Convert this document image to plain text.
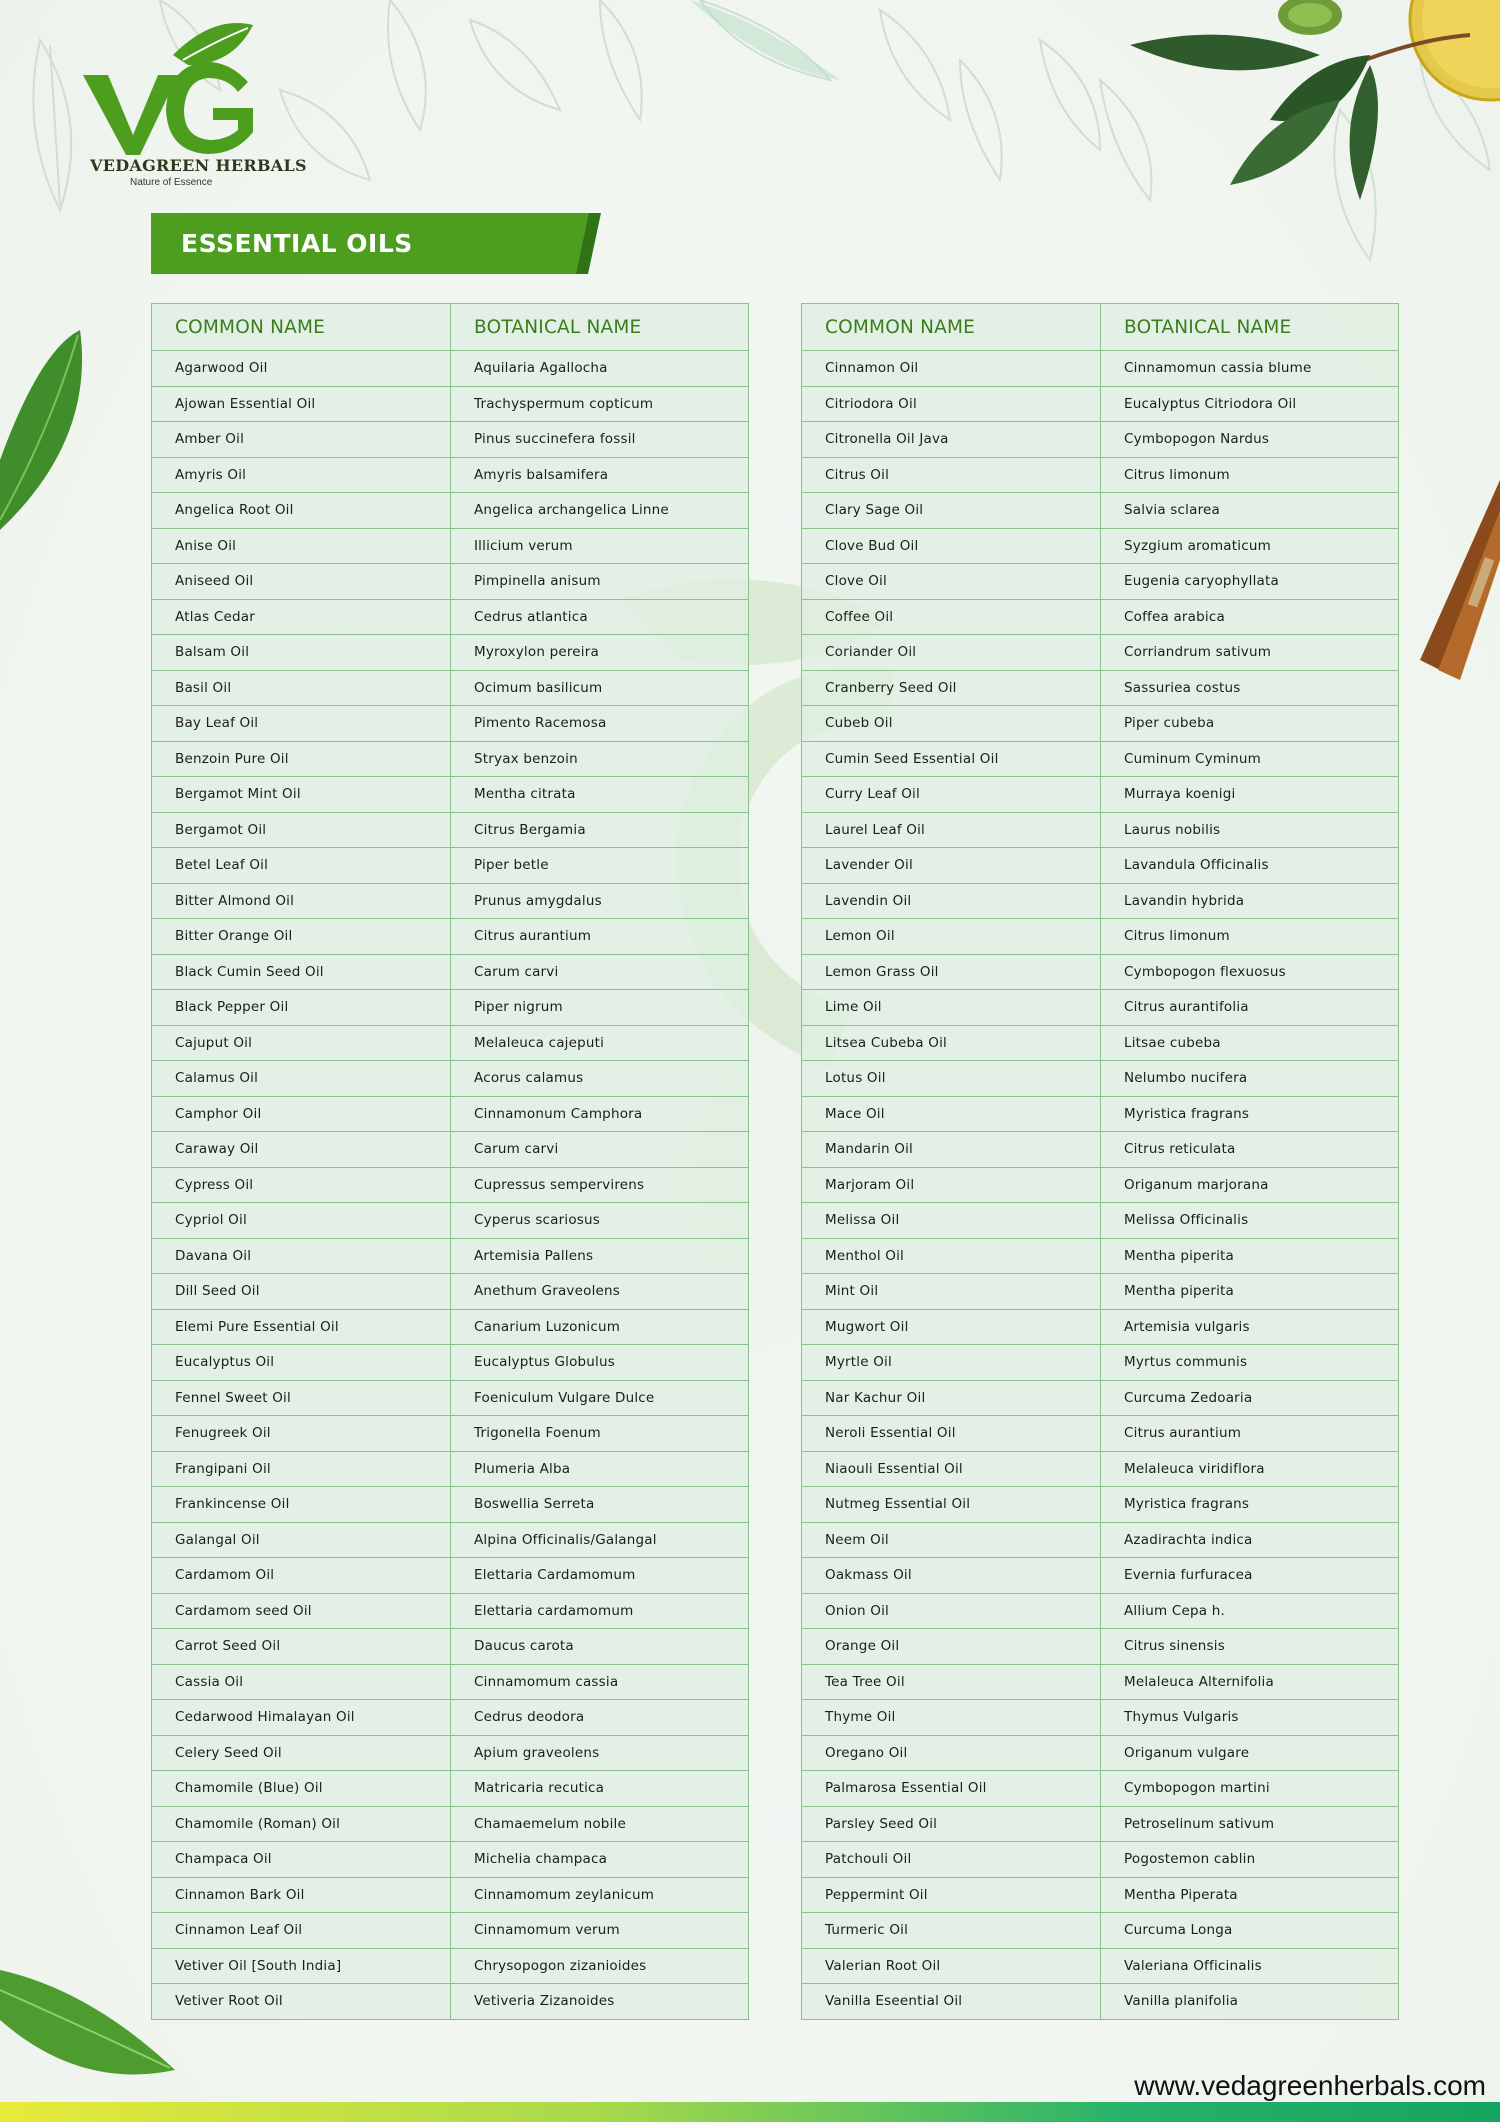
VEDAGREEN HERBALS
Nature of Essence
ESSENTIAL OILS
COMMON NAME	BOTANICAL NAME
Agarwood Oil	Aquilaria Agallocha
Ajowan Essential Oil	Trachyspermum copticum
Amber Oil	Pinus succinefera fossil
Amyris Oil	Amyris balsamifera
Angelica Root Oil	Angelica archangelica Linne
Anise Oil	Illicium verum
Aniseed Oil	Pimpinella anisum
Atlas Cedar	Cedrus atlantica
Balsam Oil	Myroxylon pereira
Basil Oil	Ocimum basilicum
Bay Leaf Oil	Pimento Racemosa
Benzoin Pure Oil	Stryax benzoin
Bergamot Mint Oil	Mentha citrata
Bergamot Oil	Citrus Bergamia
Betel Leaf Oil	Piper betle
Bitter Almond Oil	Prunus amygdalus
Bitter Orange Oil	Citrus aurantium
Black Cumin Seed Oil	Carum carvi
Black Pepper Oil	Piper nigrum
Cajuput Oil	Melaleuca cajeputi
Calamus Oil	Acorus calamus
Camphor Oil	Cinnamonum Camphora
Caraway Oil	Carum carvi
Cypress Oil	Cupressus sempervirens
Cypriol Oil	Cyperus scariosus
Davana Oil	Artemisia Pallens
Dill Seed Oil	Anethum Graveolens
Elemi Pure Essential Oil	Canarium Luzonicum
Eucalyptus Oil	Eucalyptus Globulus
Fennel Sweet Oil	Foeniculum Vulgare Dulce
Fenugreek Oil	Trigonella Foenum
Frangipani Oil	Plumeria Alba
Frankincense Oil	Boswellia Serreta
Galangal Oil	Alpina Officinalis/Galangal
Cardamom Oil	Elettaria Cardamomum
Cardamom seed Oil	Elettaria cardamomum
Carrot Seed Oil	Daucus carota
Cassia Oil	Cinnamomum cassia
Cedarwood Himalayan Oil	Cedrus deodora
Celery Seed Oil	Apium graveolens
Chamomile (Blue) Oil	Matricaria recutica
Chamomile (Roman) Oil	Chamaemelum nobile
Champaca Oil	Michelia champaca
Cinnamon Bark Oil	Cinnamomum zeylanicum
Cinnamon Leaf Oil	Cinnamomum verum
Vetiver Oil [South India]	Chrysopogon zizanioides
Vetiver Root Oil	Vetiveria Zizanoides
COMMON NAME	BOTANICAL NAME
Cinnamon Oil	Cinnamomun cassia blume
Citriodora Oil	Eucalyptus Citriodora Oil
Citronella Oil Java	Cymbopogon Nardus
Citrus Oil	Citrus limonum
Clary Sage Oil	Salvia sclarea
Clove Bud Oil	Syzgium aromaticum
Clove Oil	Eugenia caryophyllata
Coffee Oil	Coffea arabica
Coriander Oil	Corriandrum sativum
Cranberry Seed Oil	Sassuriea costus
Cubeb Oil	Piper cubeba
Cumin Seed Essential Oil	Cuminum Cyminum
Curry Leaf Oil	Murraya koenigi
Laurel Leaf Oil	Laurus nobilis
Lavender Oil	Lavandula Officinalis
Lavendin Oil	Lavandin hybrida
Lemon Oil	Citrus limonum
Lemon Grass Oil	Cymbopogon flexuosus
Lime Oil	Citrus aurantifolia
Litsea Cubeba Oil	Litsae cubeba
Lotus Oil	Nelumbo nucifera
Mace Oil	Myristica fragrans
Mandarin Oil	Citrus reticulata
Marjoram Oil	Origanum marjorana
Melissa Oil	Melissa Officinalis
Menthol Oil	Mentha piperita
Mint Oil	Mentha piperita
Mugwort Oil	Artemisia vulgaris
Myrtle Oil	Myrtus communis
Nar Kachur Oil	Curcuma Zedoaria
Neroli Essential Oil	Citrus aurantium
Niaouli Essential Oil	Melaleuca viridiflora
Nutmeg Essential Oil	Myristica fragrans
Neem Oil	Azadirachta indica
Oakmass Oil	Evernia furfuracea
Onion Oil	Allium Cepa h.
Orange Oil	Citrus sinensis
Tea Tree Oil	Melaleuca Alternifolia
Thyme Oil	Thymus Vulgaris
Oregano Oil	Origanum vulgare
Palmarosa Essential Oil	Cymbopogon martini
Parsley Seed Oil	Petroselinum sativum
Patchouli Oil	Pogostemon cablin
Peppermint Oil	Mentha Piperata
Turmeric Oil	Curcuma Longa
Valerian Root Oil	Valeriana Officinalis
Vanilla Eseential Oil	Vanilla planifolia
www.vedagreenherbals.com
